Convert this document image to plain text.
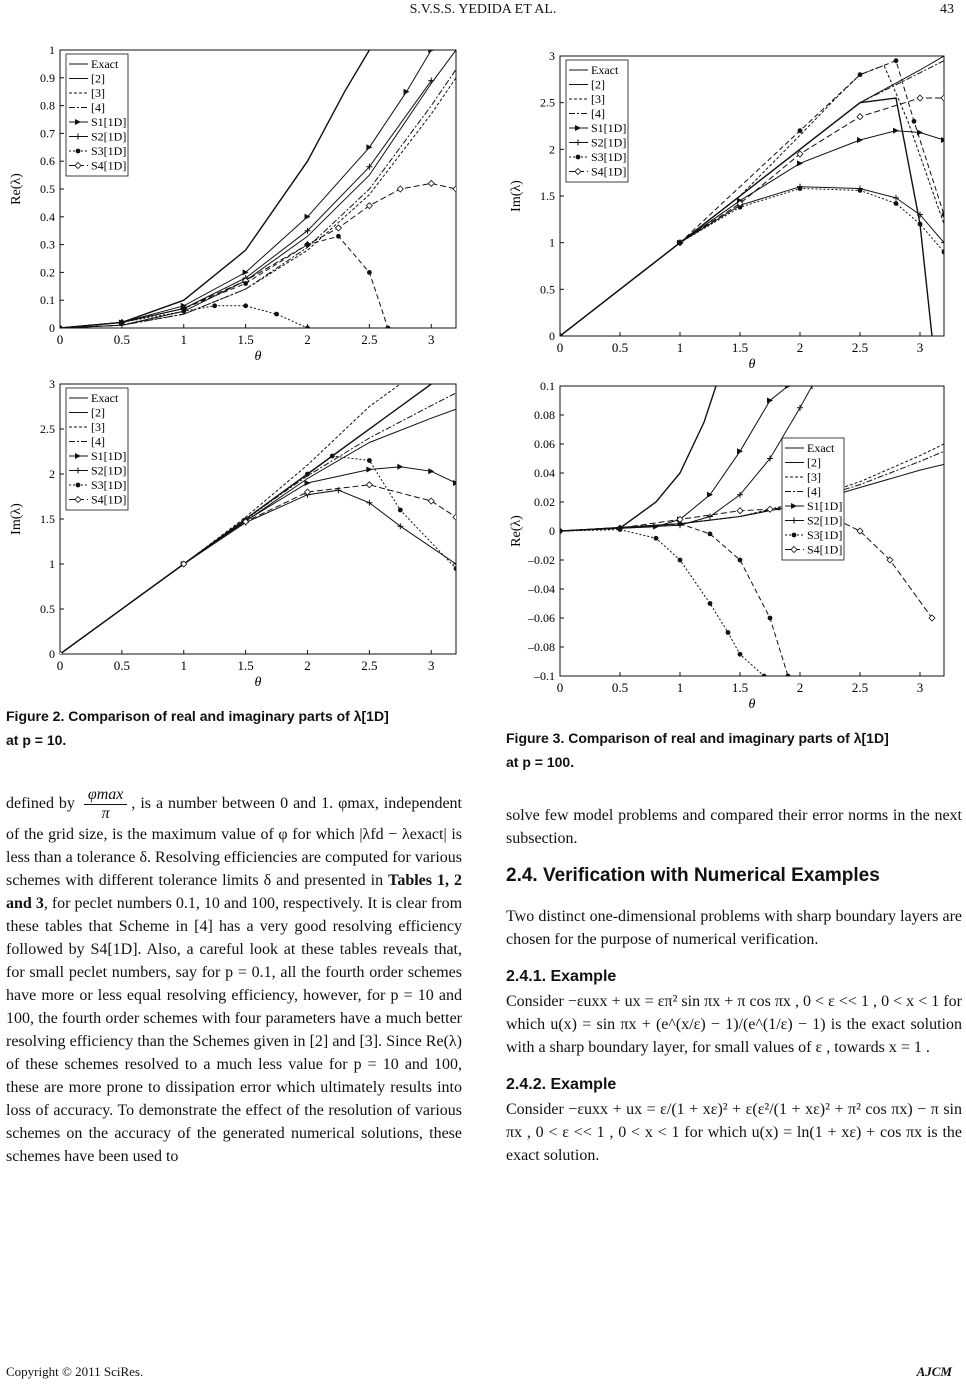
S.V.S.S. YEDIDA ET AL.	43
0	0.5	1	1.5	2	2.5	3
0
0.1
0.2
0.3
0.4
0.5
0.6
0.7
0.8
0.9
1
θ
Re(λ)
Exact
[2]
[3]
[4]
S1[1D]
S2[1D]
S3[1D]
S4[1D]
0	0.5	1	1.5	2	2.5	3
0
0.5
1
1.5
2
2.5
3
θ
Im(λ)
Exact
[2]
[3]
[4]
S1[1D]
S2[1D]
S3[1D]
S4[1D]
0	0.5	1	1.5	2	2.5	3
0
0.5
1
1.5
2
2.5
3
θ
Im(λ)
Exact
[2]
[3]
[4]
S1[1D]
S2[1D]
S3[1D]
S4[1D]
0	0.5	1	1.5	2	2.5	3
–0.1
–0.08
–0.06
–0.04
–0.02
0
0.02
0.04
0.06
0.08
0.1
θ
Re(λ)
Exact
[2]
[3]
[4]
S1[1D]
S2[1D]
S3[1D]
S4[1D]
Figure 2. Comparison of real and imaginary parts of λ[1D]
at p = 10.	Figure 3. Comparison of real and imaginary parts of λ[1D]
at p = 100.

defined by
φmax
π
, is a number between 0 and 1. φmax, independent of the grid size, is the maximum value of φ for which |λfd − λexact| is less than a tolerance δ. Resolving efficiencies are computed for various schemes with different tolerance limits δ and presented in Tables 1, 2 and 3, for peclet numbers 0.1, 10 and 100, respectively. It is clear from these tables that Scheme in [4] has a very good resolving efficiency followed by S4[1D]. Also, a careful look at these tables reveals that, for small peclet numbers, say for p = 0.1, all the fourth order schemes have more or less equal resolving efficiency, however, for p = 10 and 100, the fourth order schemes with four parameters have a much better resolving efficiency than the Schemes given in [2] and [3]. Since Re(λ) of these schemes resolved to a much less value for p = 10 and 100, these are more prone to dissipation error which ultimately results into loss of accuracy. To demonstrate the effect of the resolution of various schemes on the accuracy of the generated numerical solutions, these schemes have been used to

solve few model problems and compared their error norms in the next subsection.

2.4. Verification with Numerical Examples

Two distinct one-dimensional problems with sharp boundary layers are chosen for the purpose of numerical verification.

2.4.1. Example

Consider −εuxx + ux = επ² sin πx + π cos πx , 0 < ε << 1 , 0 < x < 1 for which u(x) = sin πx + (e^(x/ε) − 1)/(e^(1/ε) − 1) is the exact solution with a sharp boundary layer, for small values of ε , towards x = 1 .

2.4.2. Example

Consider −εuxx + ux = ε/(1 + xε)² + ε(ε²/(1 + xε)² + π² cos πx) − π sin πx , 0 < ε << 1 , 0 < x < 1 for which u(x) = ln(1 + xε) + cos πx is the exact solution.

Copyright © 2011 SciRes.	AJCM
